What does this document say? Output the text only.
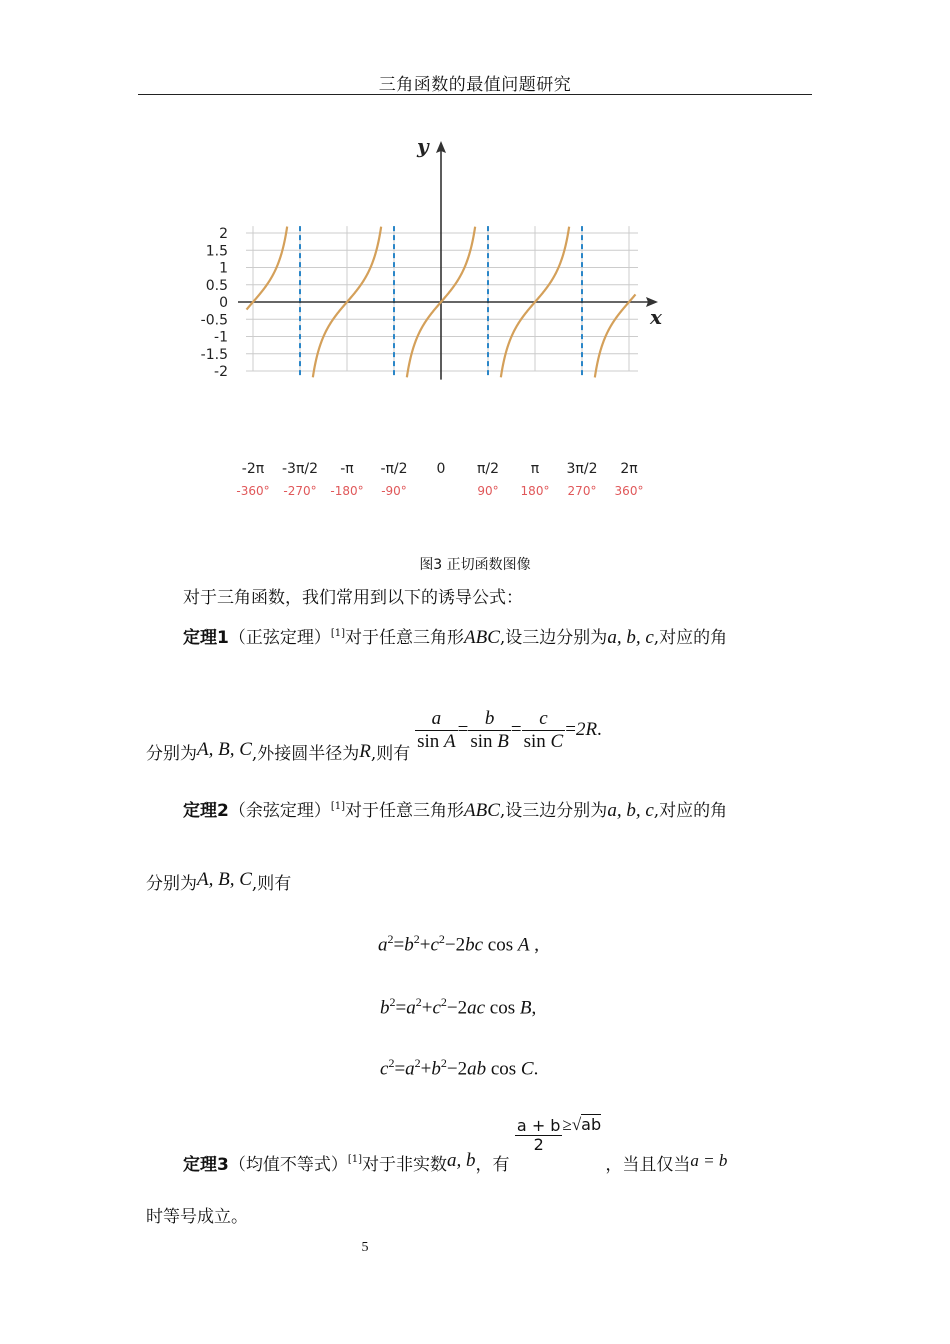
三角函数的最值问题研究
x
y
2
1.5
1
0.5
0
-0.5
-1
-1.5
-2
-2π
-360°
-3π/2
-270°
-π
-180°
-π/2
-90°
0 π/2
90°
π
180°
3π/2
270°
2π
360°
图3 正切函数图像
对于三角函数，我们常用到以下的诱导公式：
定理1（正弦定理）[1]对于任意三角形ABC,设三边分别为a, b, c,对应的角
分别为A, B, C,外接圆半径为R,则有
$\frac{a}{\text{sin A}} = \frac{b}{\text{sin B}} = \frac{c}{\text{sin C}} =2R$.
定理2（余弦定理）[1]对于任意三角形ABC,设三边分别为a, b, c,对应的角
分别为A, B, C,则有
$a^2=b^2+c^2-2bc$ cos A ,
$b^2=a^2+c^2-2ac$ cos B,
$c^2=a^2+b^2-2ab$ cos C.
定理3（均值不等式）$_{[1]}$对于非实数a, b，有
$\frac{a + b}{2} \ge√ab$ ，当且仅当a = b
时等号成立。
5
